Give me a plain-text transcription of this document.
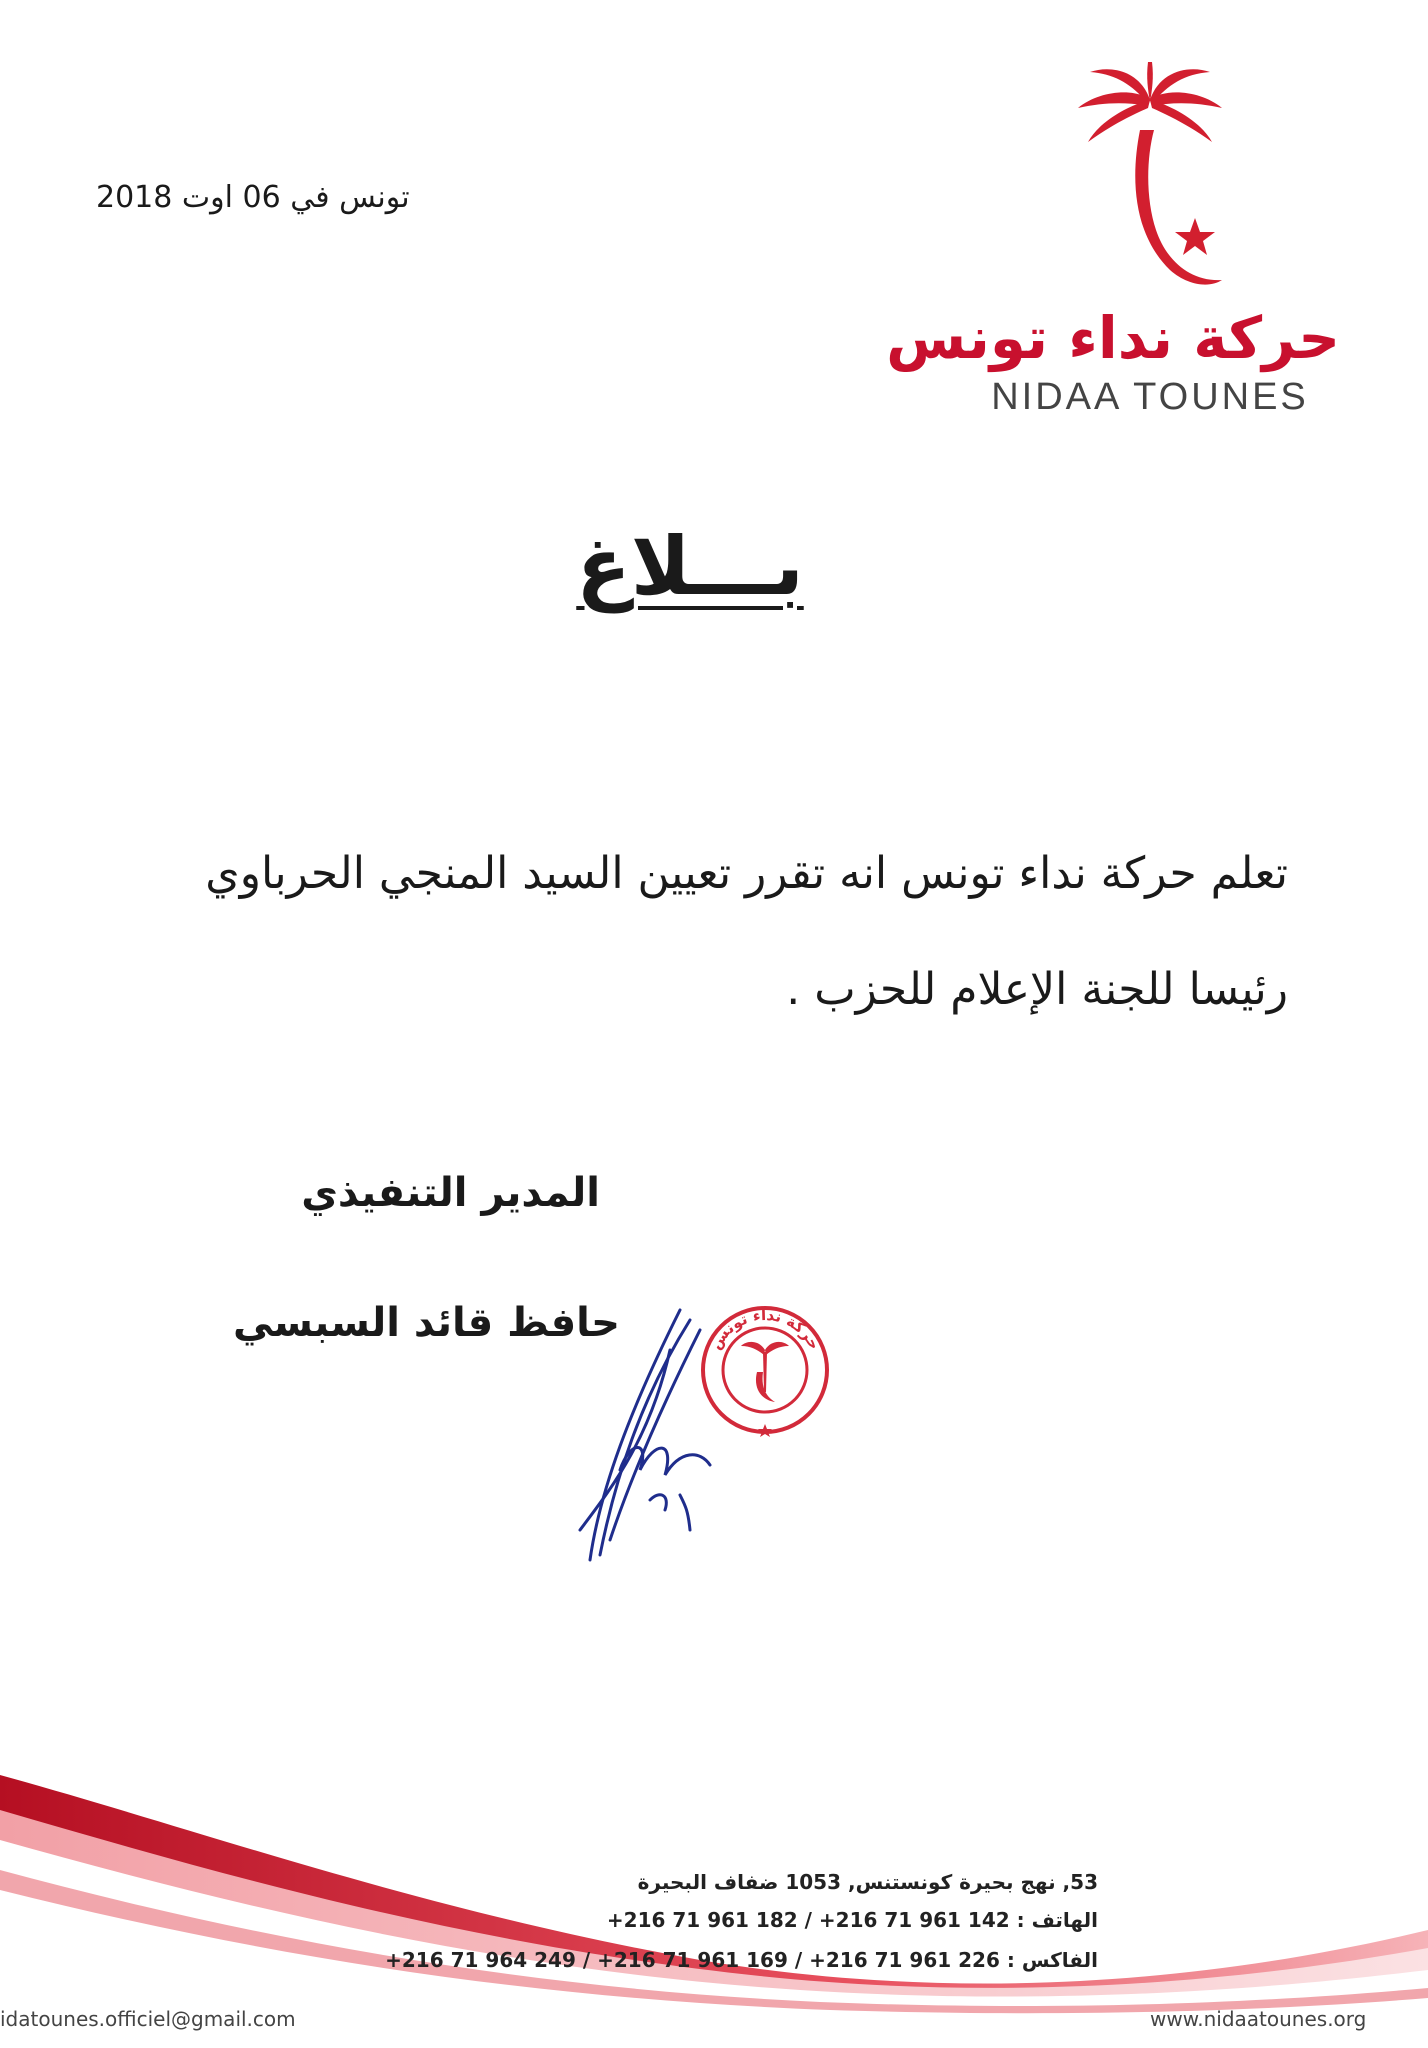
تونس في 06 اوت 2018
حركة نداء تونس
NIDAA TOUNES
بـــلاغ
تعلم حركة نداء تونس انه تقرر تعيين السيد المنجي الحرباوي
رئيسا للجنة الإعلام للحزب .
المدير التنفيذي
حافظ قائد السبسي	حركة نداء تونس
53, نهج بحيرة كونستنس, 1053 ضفاف البحيرة
الهاتف : 142 961 71 216+ / 182 961 71 216+
الفاكس : 226 961 71 216+ / 169 961 71 216+ / 249 964 71 216+
idatounes.officiel@gmail.com	www.nidaatounes.org
